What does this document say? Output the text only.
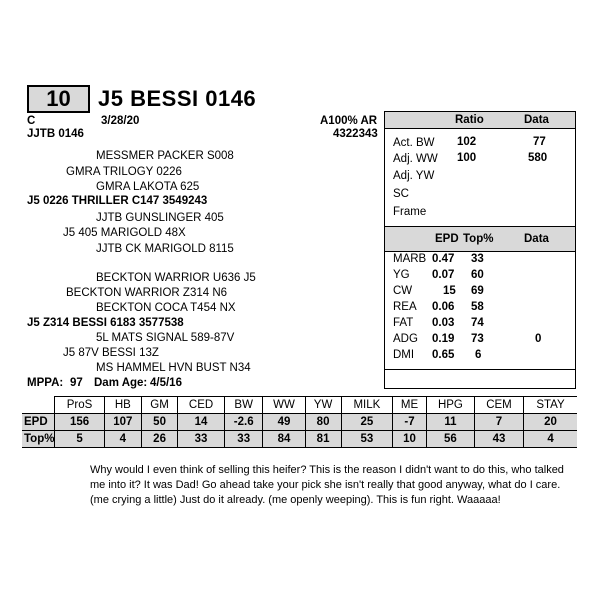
10	J5 BESSI 0146
C	3/28/20	A100% AR
JJTB 0146	4322343
MESSMER PACKER S008
GMRA TRILOGY 0226
GMRA LAKOTA 625
J5 0226 THRILLER C147 3549243
JJTB GUNSLINGER 405
J5 405 MARIGOLD 48X
JJTB CK MARIGOLD 8115
BECKTON WARRIOR U636 J5
BECKTON WARRIOR Z314 N6
BECKTON COCA T454 NX
J5 Z314 BESSI 6183 3577538
5L MATS SIGNAL 589-87V
J5 87V BESSI 13Z
MS HAMMEL HVN BUST N34
MPPA: 97 Dam Age: 4/5/16
Ratio	Data
Act. BW 102	77
Adj. WW 100	580
Adj. YW
SC
Frame
EPD Top%	Data
MARB 0.47 33
YG 0.07 60
CW	15 69
REA 0.06 58
FAT 0.03 74
ADG 0.19 73	0
DMI 0.65 6
	ProS	HB	GM	CED	BW	WW	YW	MILK	ME	HPG	CEM	STAY
EPD	156	107	50	14	-2.6	49	80	25	-7	11	7	20
Top%	5	4	26	33	33	84	81	53	10	56	43	4
Why would I even think of selling this heifer? This is the reason I didn't want to do this, who talked me into it? It was Dad! Go ahead take your pick she isn't really that good anyway, what do I care. (me crying a little) Just do it already. (me openly weeping). This is fun right. Waaaaa!
